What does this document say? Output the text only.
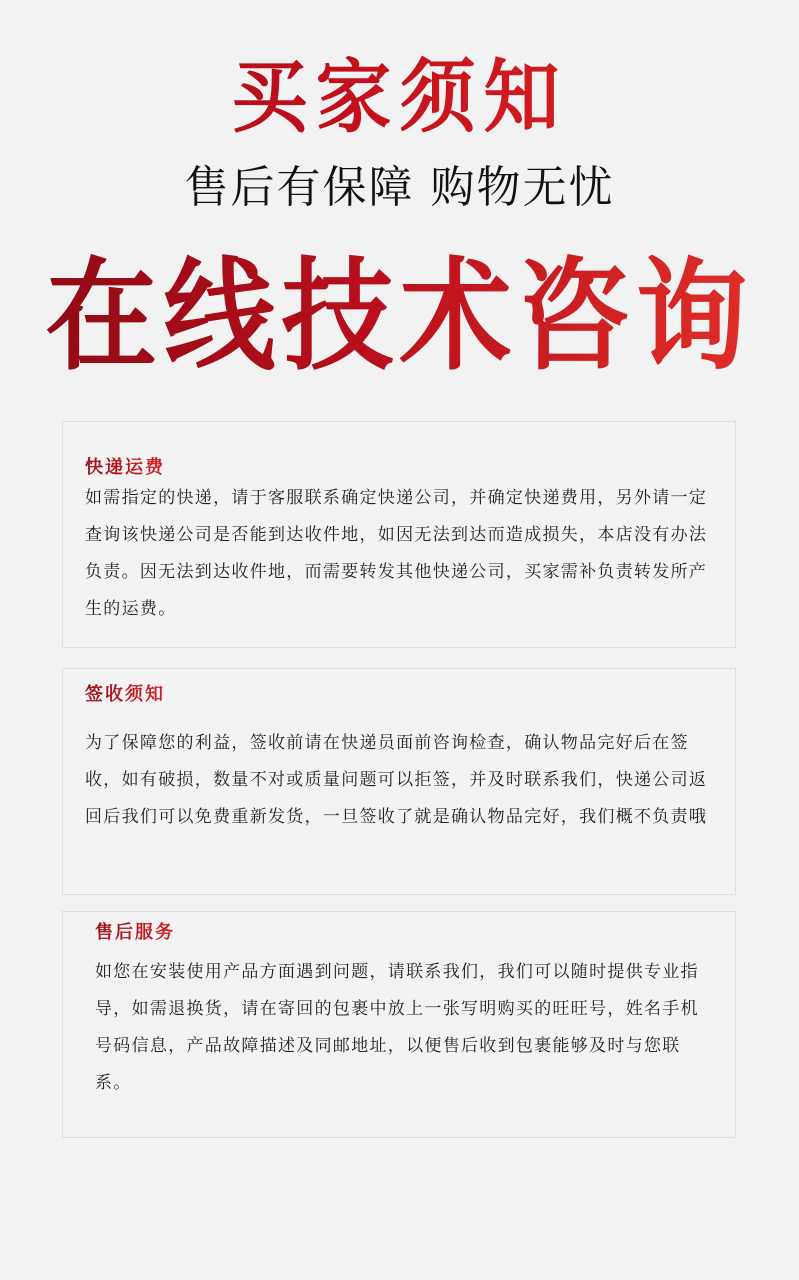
买家须知
售后有保障 购物无忧
在线技术咨询
快递运费

如需指定的快递，请于客服联系确定快递公司，并确定快递费用，另外请一定查询该快递公司是否能到达收件地，如因无法到达而造成损失，本店没有办法负责。因无法到达收件地，而需要转发其他快递公司，买家需补负责转发所产生的运费。

签收须知

为了保障您的利益，签收前请在快递员面前咨询检查，确认物品完好后在签收，如有破损，数量不对或质量问题可以拒签，并及时联系我们，快递公司返回后我们可以免费重新发货，一旦签收了就是确认物品完好，我们概不负责哦

售后服务

如您在安装使用产品方面遇到问题，请联系我们，我们可以随时提供专业指导，如需退换货，请在寄回的包裹中放上一张写明购买的旺旺号，姓名手机号码信息，产品故障描述及同邮地址，以便售后收到包裹能够及时与您联系。
